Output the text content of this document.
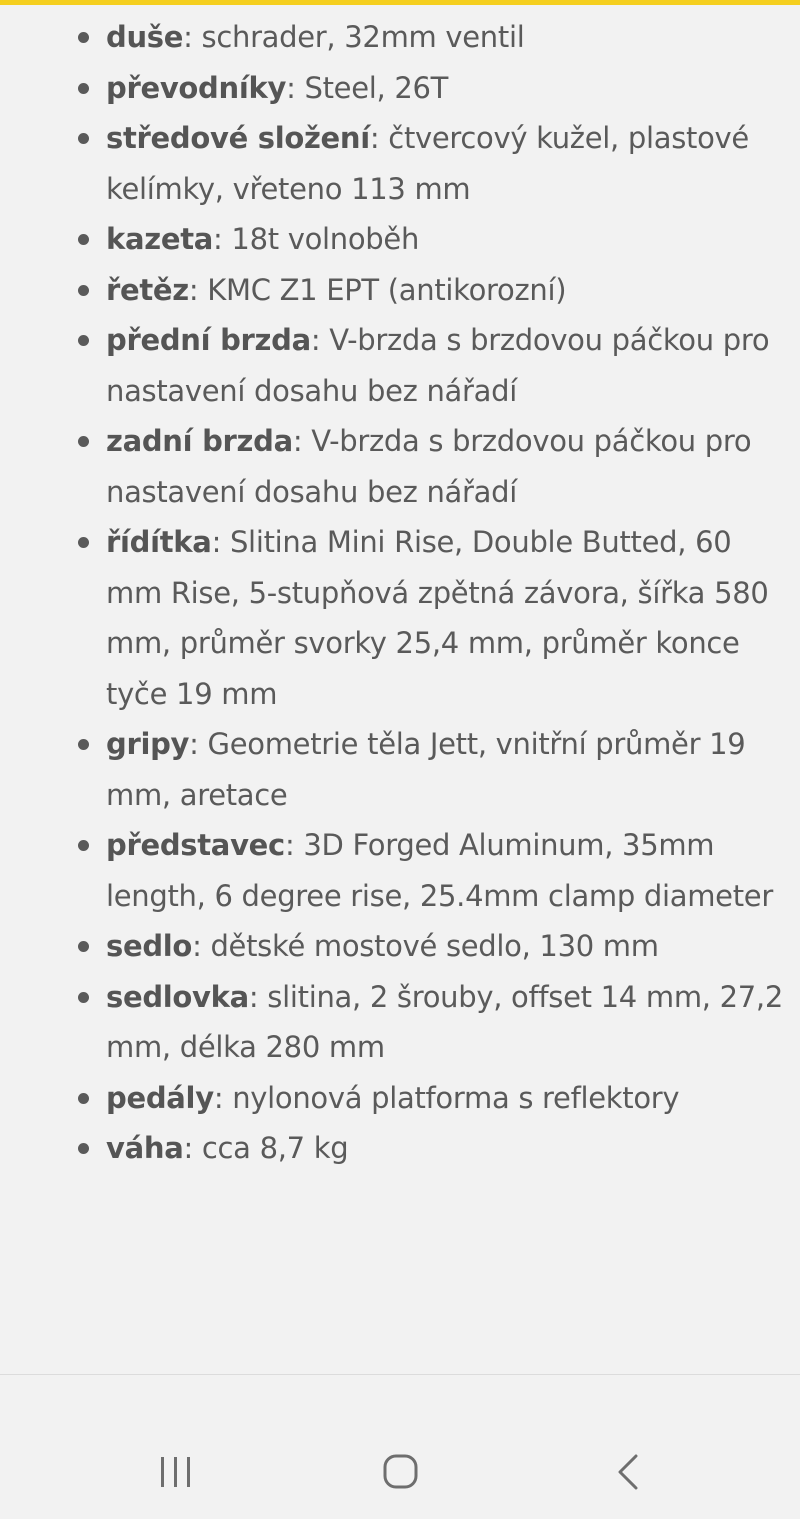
duše: schrader, 32mm ventil
převodníky: Steel, 26T
středové složení: čtvercový kužel, plastové kelímky, vřeteno 113 mm
kazeta: 18t volnoběh
řetěz: KMC Z1 EPT (antikorozní)
přední brzda: V-brzda s brzdovou páčkou pro nastavení dosahu bez nářadí
zadní brzda: V-brzda s brzdovou páčkou pro nastavení dosahu bez nářadí
řídítka: Slitina Mini Rise, Double Butted, 60 mm Rise, 5-stupňová zpětná závora, šířka 580 mm, průměr svorky 25,4 mm, průměr konce tyče 19 mm
gripy: Geometrie těla Jett, vnitřní průměr 19 mm, aretace
představec: 3D Forged Aluminum, 35mm length, 6 degree rise, 25.4mm clamp diameter
sedlo: dětské mostové sedlo, 130 mm
sedlovka: slitina, 2 šrouby, offset 14 mm, 27,2 mm, délka 280 mm
pedály: nylonová platforma s reflektory
váha: cca 8,7 kg
